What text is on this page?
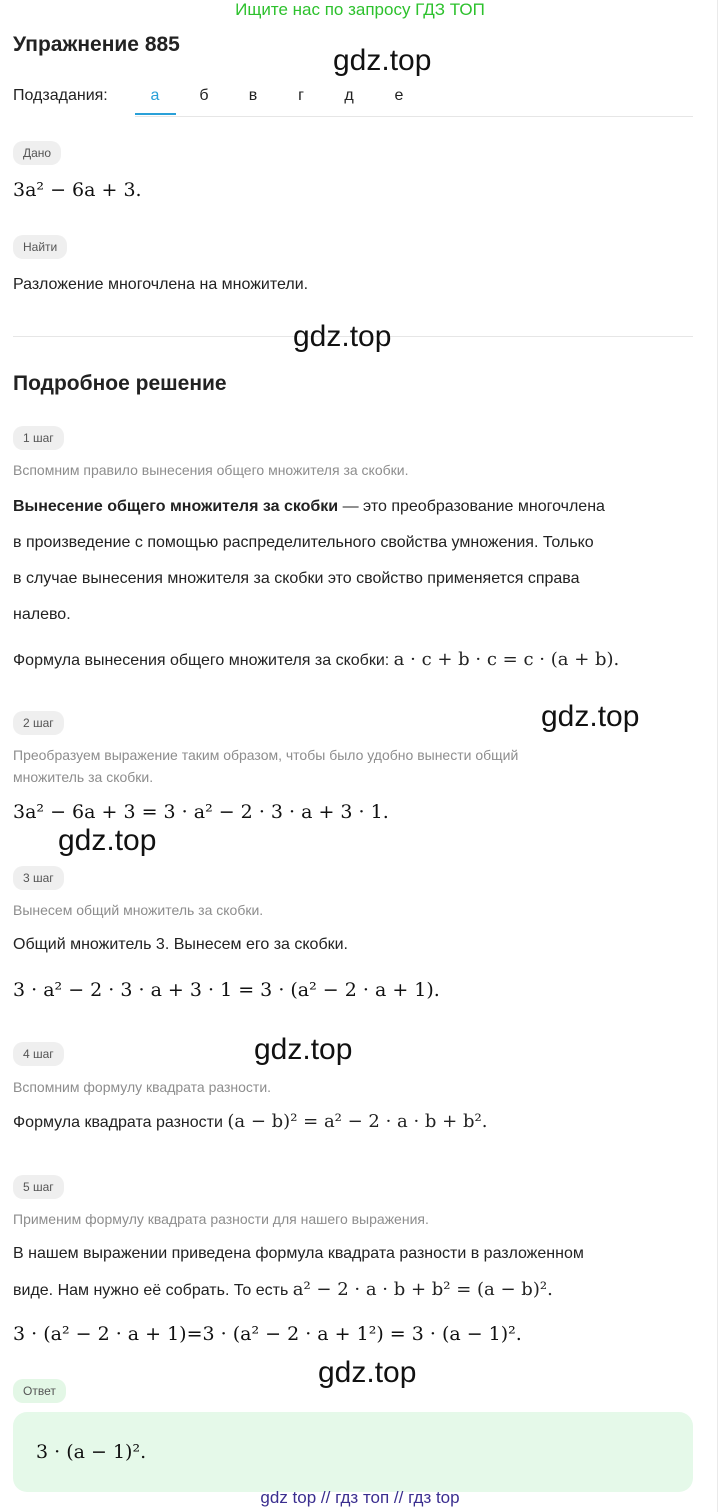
Ищите нас по запросу ГДЗ ТОП
Упражнение 885	gdz.top
Подзадания:	а	б	в	г	д	е
Дано
3a² − 6a + 3.
Найти
Разложение многочлена на множители.
gdz.top
Подробное решение
1 шаг
Вспомним правило вынесения общего множителя за скобки.
Вынесение общего множителя за скобки — это преобразование многочлена
в произведение с помощью распределительного свойства умножения. Только
в случае вынесения множителя за скобки это свойство применяется справа
налево.
Формула вынесения общего множителя за скобки: a · c + b · c = c · (a + b).
2 шаг	gdz.top
Преобразуем выражение таким образом, чтобы было удобно вынести общий
множитель за скобки.
3a² − 6a + 3 = 3 · a² − 2 · 3 · a + 3 · 1.
gdz.top
3 шаг
Вынесем общий множитель за скобки.
Общий множитель 3. Вынесем его за скобки.
3 · a² − 2 · 3 · a + 3 · 1 = 3 · (a² − 2 · a + 1).
4 шаг	gdz.top
Вспомним формулу квадрата разности.
Формула квадрата разности (a − b)² = a² − 2 · a · b + b².
5 шаг
Применим формулу квадрата разности для нашего выражения.
В нашем выражении приведена формула квадрата разности в разложенном
виде. Нам нужно её собрать. То есть a² − 2 · a · b + b² = (a − b)².
3 · (a² − 2 · a + 1)=3 · (a² − 2 · a + 1²) = 3 · (a − 1)².
gdz.top
Ответ
3 · (a − 1)².
gdz top // гдз топ // гдз top
